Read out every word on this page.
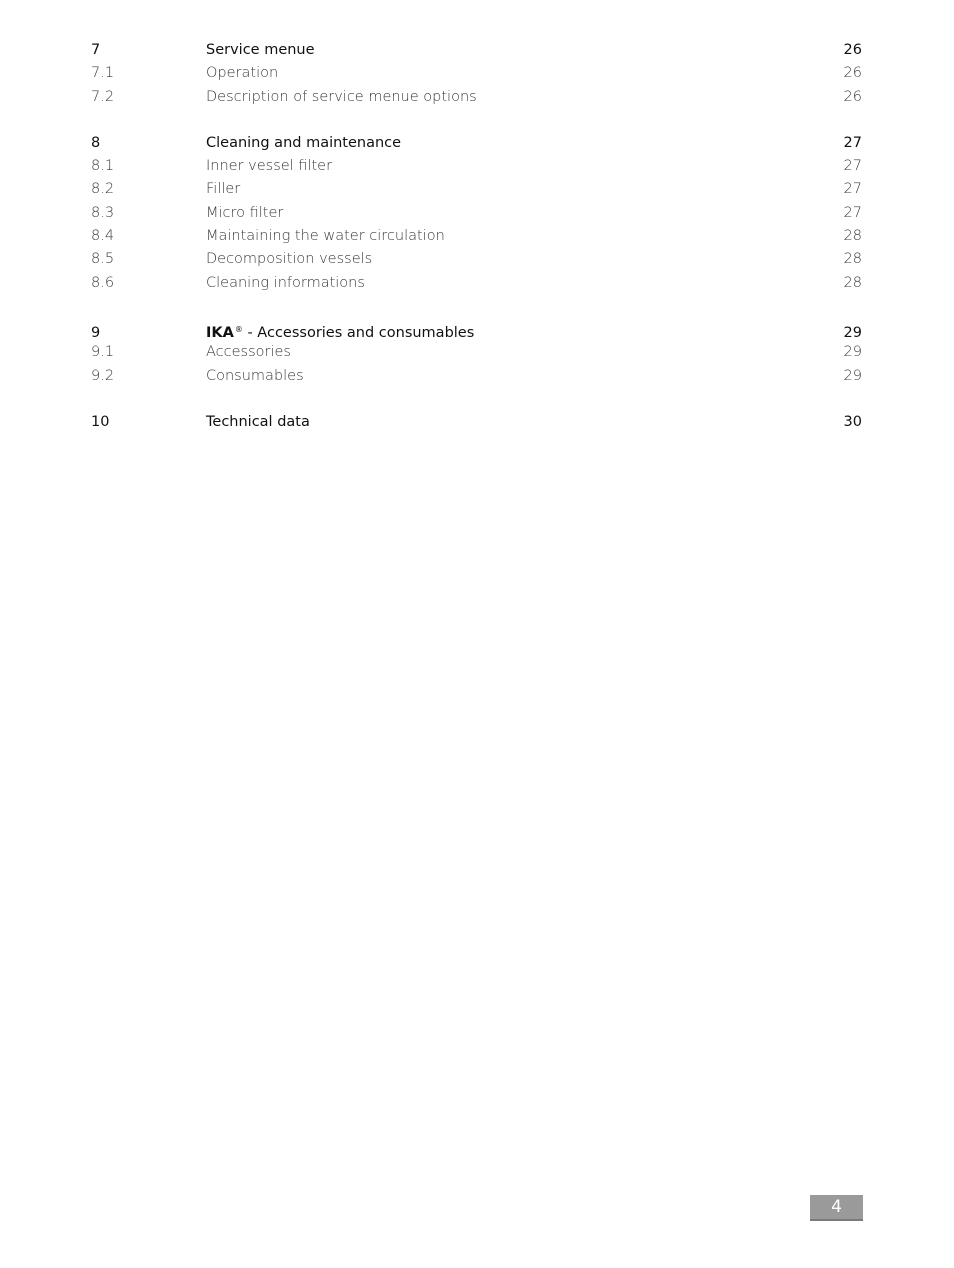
7	Service menue	26
7.1	Operation	26
7.2	Description of service menue options	26
8	Cleaning and maintenance	27
8.1	Inner vessel filter	27
8.2	Filler	27
8.3	Micro filter	27
8.4	Maintaining the water circulation	28
8.5	Decomposition vessels	28
8.6	Cleaning informations	28
9	IKA® - Accessories and consumables	29
9.1	Accessories	29
9.2	Consumables	29
10	Technical data	30
4
